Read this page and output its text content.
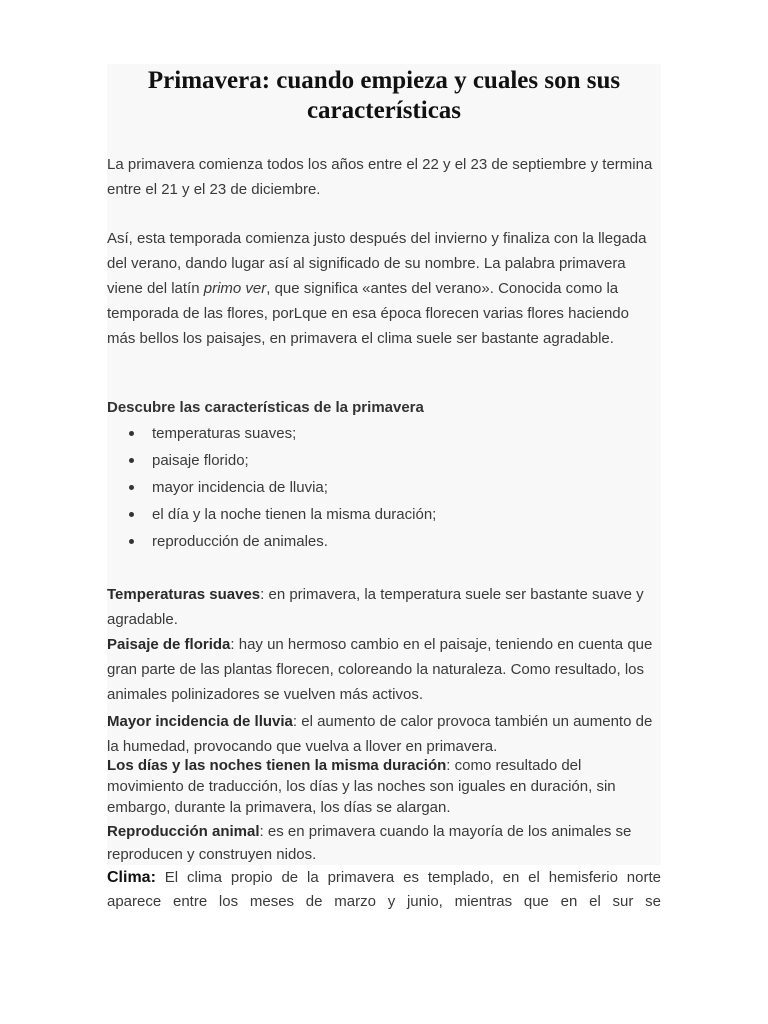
Primavera: cuando empieza y cuales son sus características

La primavera comienza todos los años entre el 22 y el 23 de septiembre y termina entre el 21 y el 23 de diciembre.

Así, esta temporada comienza justo después del invierno y finaliza con la llegada del verano, dando lugar así al significado de su nombre. La palabra primavera viene del latín primo ver, que significa «antes del verano». Conocida como la temporada de las flores, porLque en esa época florecen varias flores haciendo más bellos los paisajes, en primavera el clima suele ser bastante agradable.

Descubre las características de la primavera

temperaturas suaves;
paisaje florido;
mayor incidencia de lluvia;
el día y la noche tienen la misma duración;
reproducción de animales.

Temperaturas suaves: en primavera, la temperatura suele ser bastante suave y agradable.

Paisaje de florida: hay un hermoso cambio en el paisaje, teniendo en cuenta que gran parte de las plantas florecen, coloreando la naturaleza. Como resultado, los animales polinizadores se vuelven más activos.

Mayor incidencia de lluvia: el aumento de calor provoca también un aumento de la humedad, provocando que vuelva a llover en primavera.

Los días y las noches tienen la misma duración: como resultado del movimiento de traducción, los días y las noches son iguales en duración, sin embargo, durante la primavera, los días se alargan.

Reproducción animal: es en primavera cuando la mayoría de los animales se reproducen y construyen nidos.

Clima: El clima propio de la primavera es templado, en el hemisferio norte aparece entre los meses de marzo y junio, mientras que en el sur se
